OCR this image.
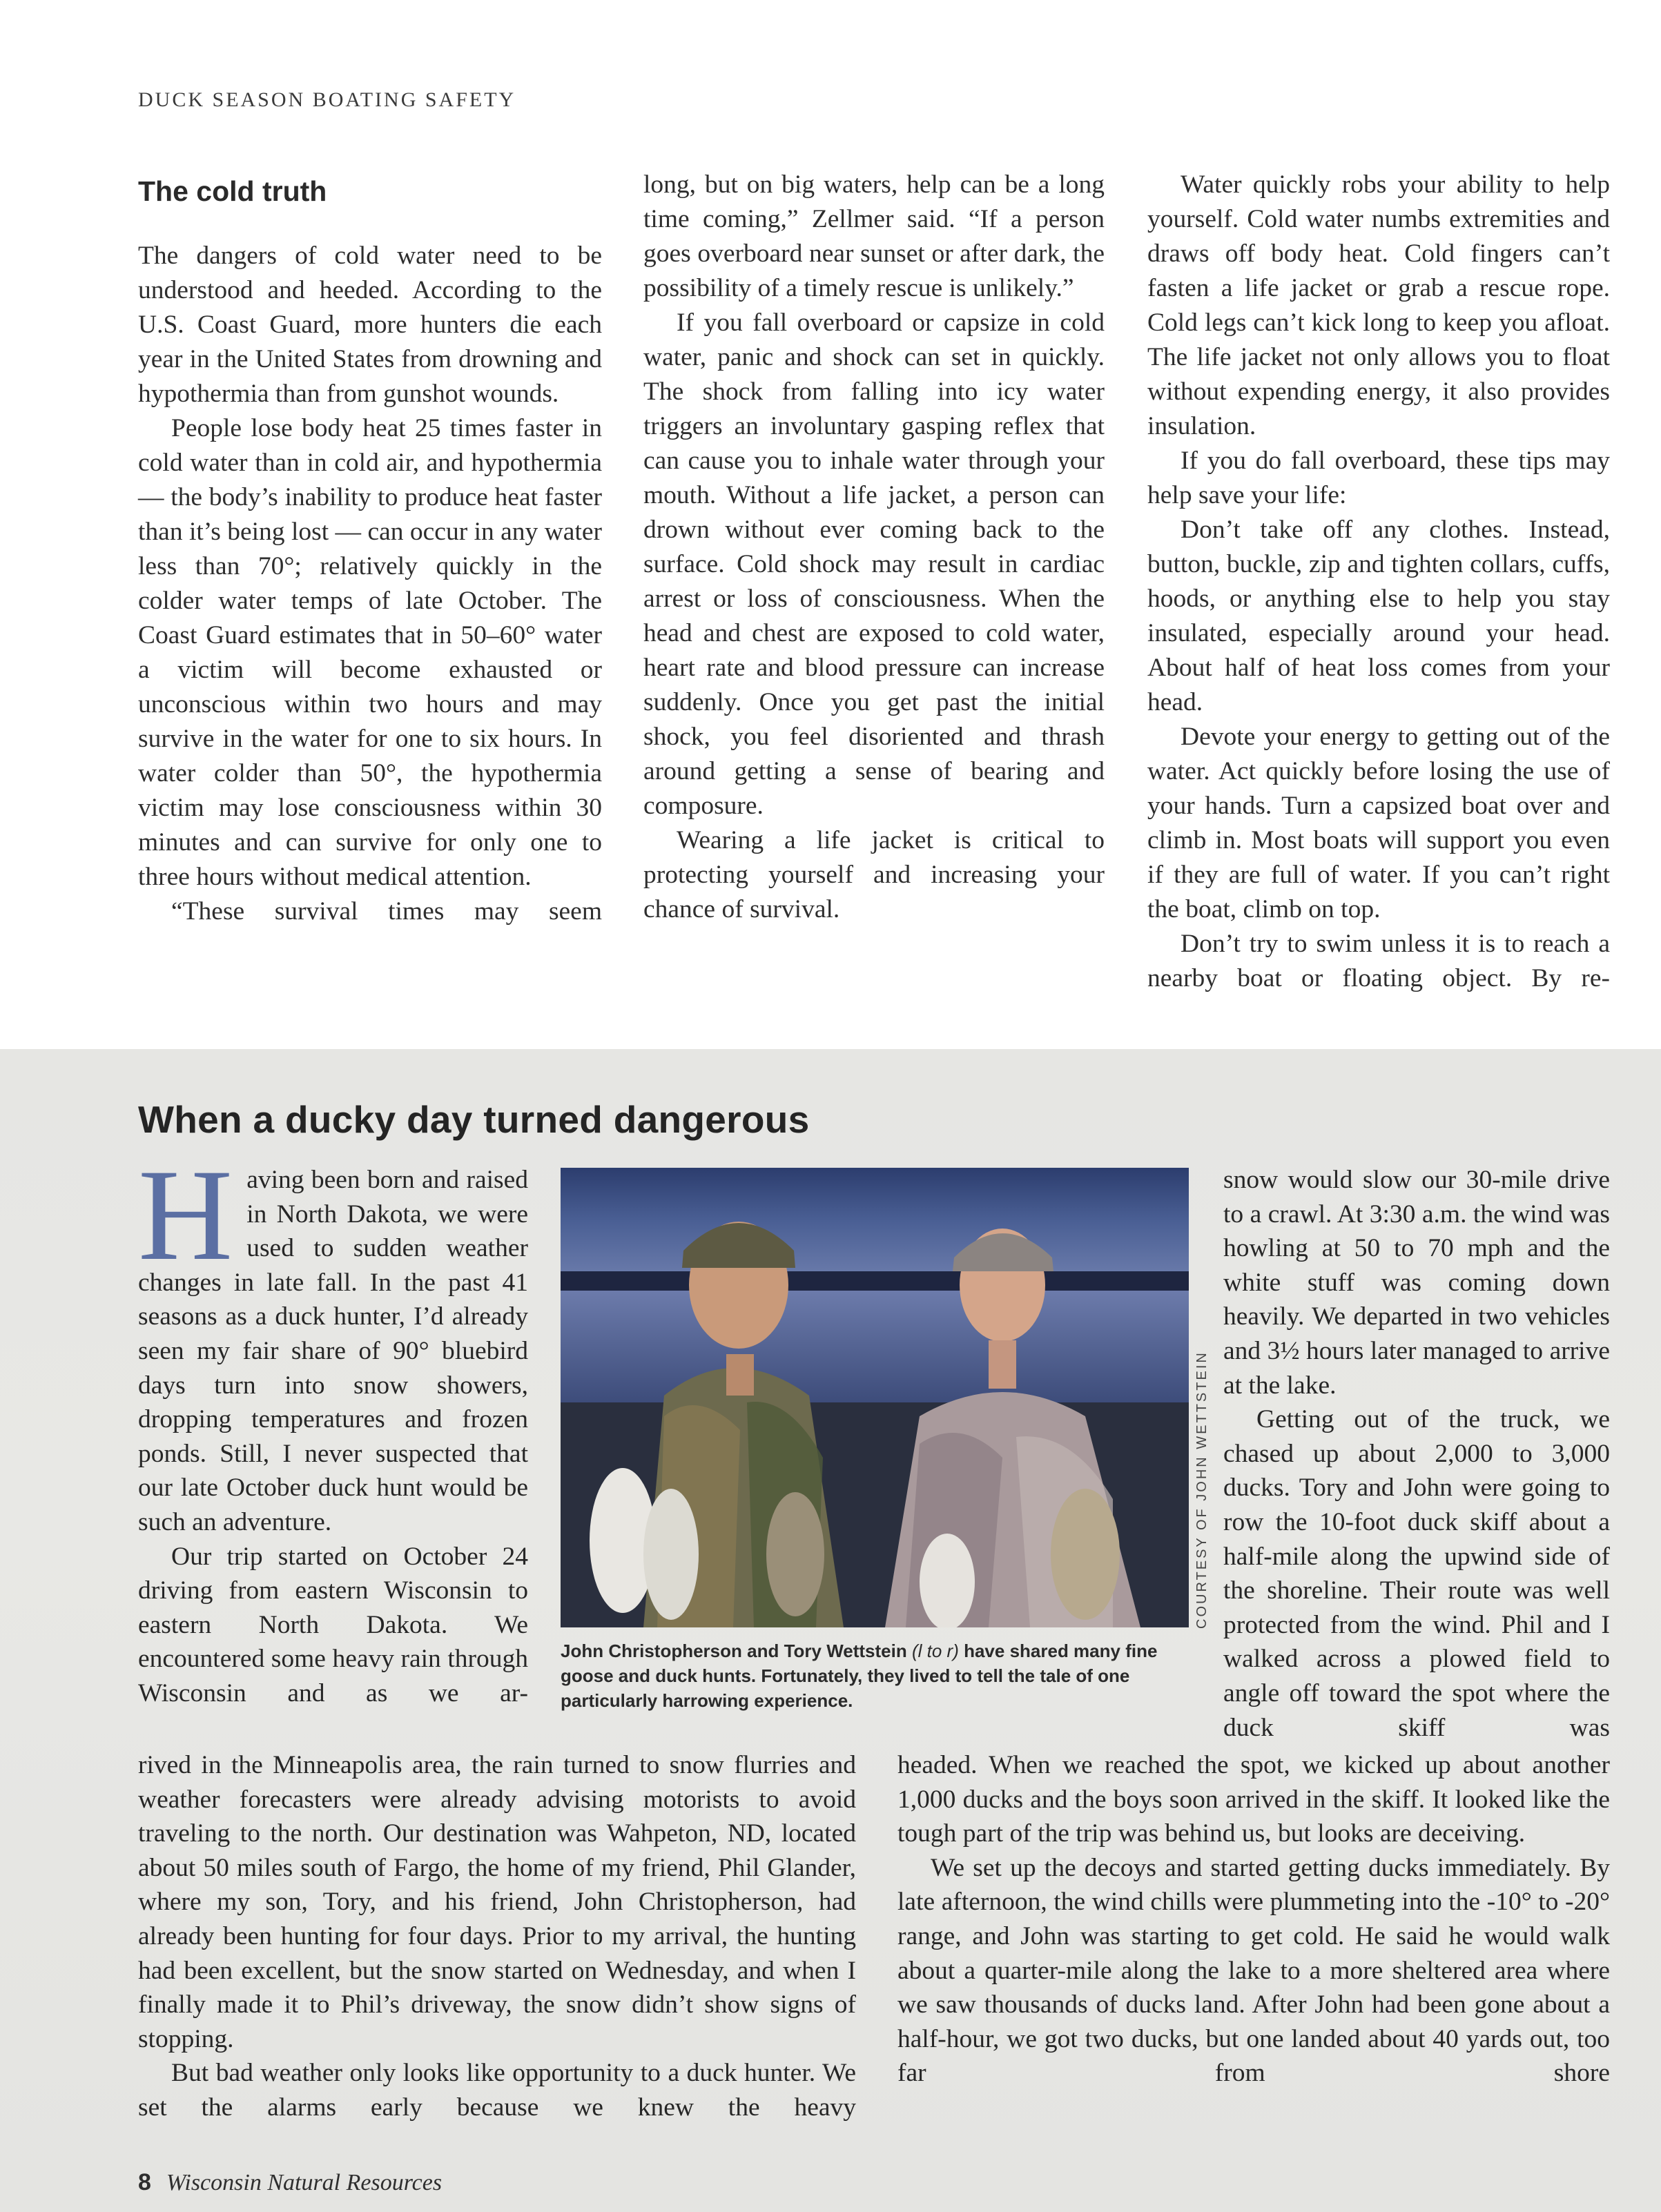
DUCK SEASON BOATING SAFETY
The cold truth

The dangers of cold water need to be understood and heeded. According to the U.S. Coast Guard, more hunters die each year in the United States from drowning and hypothermia than from gunshot wounds.

People lose body heat 25 times faster in cold water than in cold air, and hypothermia — the body’s inability to produce heat faster than it’s being lost — can occur in any water less than 70°; relatively quickly in the colder water temps of late October. The Coast Guard estimates that in 50–60° water a victim will become exhausted or unconscious within two hours and may survive in the water for one to six hours. In water colder than 50°, the hypothermia victim may lose consciousness within 30 minutes and can survive for only one to three hours without medical attention.

“These survival times may seem

long, but on big waters, help can be a long time coming,” Zellmer said. “If a person goes overboard near sunset or after dark, the possibility of a timely rescue is unlikely.”

If you fall overboard or capsize in cold water, panic and shock can set in quickly. The shock from falling into icy water triggers an involuntary gasping reflex that can cause you to inhale water through your mouth. Without a life jacket, a person can drown without ever coming back to the surface. Cold shock may result in cardiac arrest or loss of consciousness. When the head and chest are exposed to cold water, heart rate and blood pressure can increase suddenly. Once you get past the initial shock, you feel disoriented and thrash around getting a sense of bearing and composure.

Wearing a life jacket is critical to protecting yourself and increasing your chance of survival.

Water quickly robs your ability to help yourself. Cold water numbs extremities and draws off body heat. Cold fingers can’t fasten a life jacket or grab a rescue rope. Cold legs can’t kick long to keep you afloat. The life jacket not only allows you to float without expending energy, it also provides insulation.

If you do fall overboard, these tips may help save your life:

Don’t take off any clothes. Instead, button, buckle, zip and tighten collars, cuffs, hoods, or anything else to help you stay insulated, especially around your head. About half of heat loss comes from your head.

Devote your energy to getting out of the water. Act quickly before losing the use of your hands. Turn a capsized boat over and climb in. Most boats will support you even if they are full of water. If you can’t right the boat, climb on top.

Don’t try to swim unless it is to reach a nearby boat or floating object. By re-

When a ducky day turned dangerous

Having been born and raised in North Dakota, we were used to sudden weather changes in late fall. In the past 41 seasons as a duck hunter, I’d already seen my fair share of 90° bluebird days turn into snow showers, dropping temperatures and frozen ponds. Still, I never suspected that our late October duck hunt would be such an adventure.

Our trip started on October 24 driving from eastern Wisconsin to eastern North Dakota. We encountered some heavy rain through Wisconsin and as we ar-

John Christopherson and Tory Wettstein (l to r) have shared many fine goose and duck hunts. Fortunately, they lived to tell the tale of one particularly harrowing experience.

snow would slow our 30-mile drive to a crawl. At 3:30 a.m. the wind was howling at 50 to 70 mph and the white stuff was coming down heavily. We departed in two vehicles and 3½ hours later managed to arrive at the lake.

Getting out of the truck, we chased up about 2,000 to 3,000 ducks. Tory and John were going to row the 10-foot duck skiff about a half-mile along the upwind side of the shoreline. Their route was well protected from the wind. Phil and I walked across a plowed field to angle off toward the spot where the duck skiff was

rived in the Minneapolis area, the rain turned to snow flurries and weather forecasters were already advising motorists to avoid traveling to the north. Our destination was Wahpeton, ND, located about 50 miles south of Fargo, the home of my friend, Phil Glander, where my son, Tory, and his friend, John Christopherson, had already been hunting for four days. Prior to my arrival, the hunting had been excellent, but the snow started on Wednesday, and when I finally made it to Phil’s driveway, the snow didn’t show signs of stopping.

But bad weather only looks like opportunity to a duck hunter. We set the alarms early because we knew the heavy

headed. When we reached the spot, we kicked up about another 1,000 ducks and the boys soon arrived in the skiff. It looked like the tough part of the trip was behind us, but looks are deceiving.

We set up the decoys and started getting ducks immediately. By late afternoon, the wind chills were plummeting into the -10° to -20° range, and John was starting to get cold. He said he would walk about a quarter-mile along the lake to a more sheltered area where we saw thousands of ducks land. After John had been gone about a half-hour, we got two ducks, but one landed about 40 yards out, too far from shore

8 Wisconsin Natural Resources
